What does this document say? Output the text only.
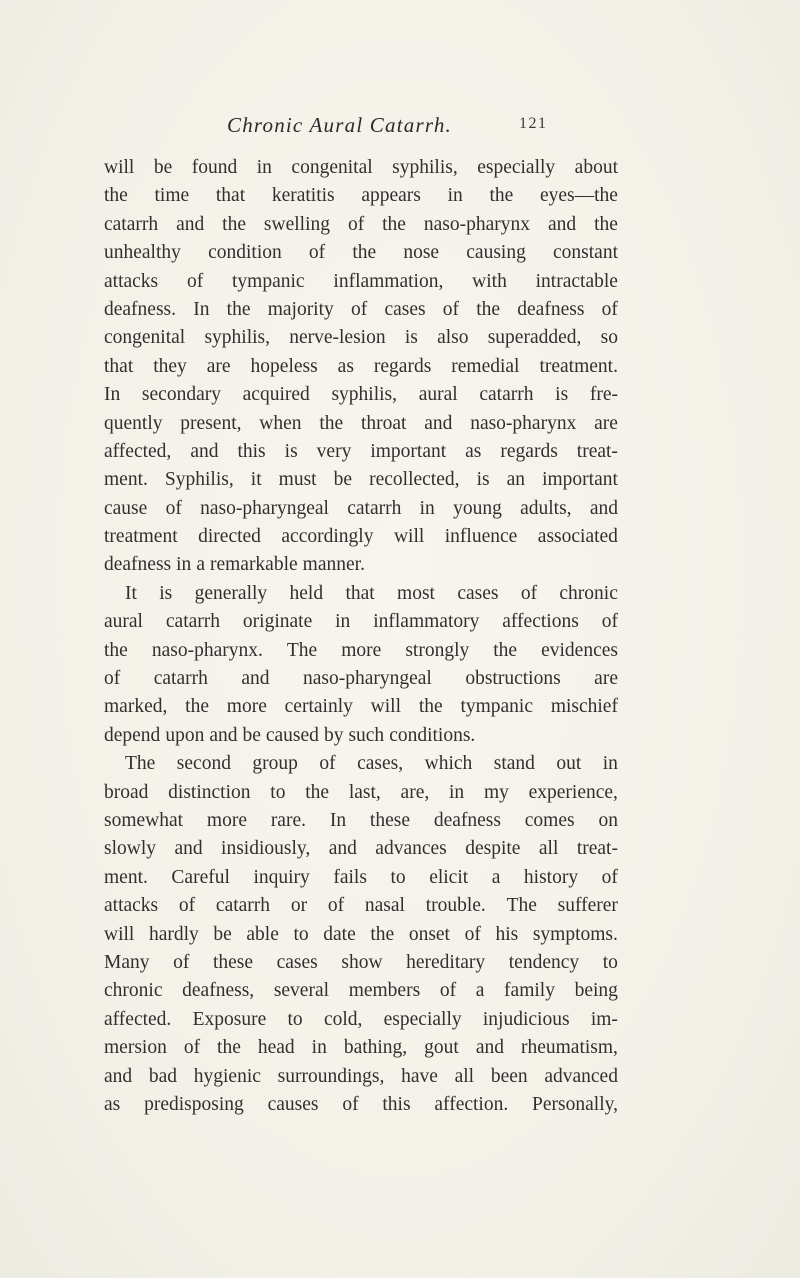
Chronic Aural Catarrh.	121
will be found in congenital syphilis, especially about
the time that keratitis appears in the eyes—the
catarrh and the swelling of the naso-pharynx and the
unhealthy condition of the nose causing constant
attacks of tympanic inflammation, with intractable
deafness. In the majority of cases of the deafness of
congenital syphilis, nerve-lesion is also superadded, so
that they are hopeless as regards remedial treatment.
In secondary acquired syphilis, aural catarrh is fre-
quently present, when the throat and naso-pharynx are
affected, and this is very important as regards treat-
ment. Syphilis, it must be recollected, is an important
cause of naso-pharyngeal catarrh in young adults, and
treatment directed accordingly will influence associated
deafness in a remarkable manner.
It is generally held that most cases of chronic
aural catarrh originate in inflammatory affections of
the naso-pharynx. The more strongly the evidences
of catarrh and naso-pharyngeal obstructions are
marked, the more certainly will the tympanic mischief
depend upon and be caused by such conditions.
The second group of cases, which stand out in
broad distinction to the last, are, in my experience,
somewhat more rare. In these deafness comes on
slowly and insidiously, and advances despite all treat-
ment. Careful inquiry fails to elicit a history of
attacks of catarrh or of nasal trouble. The sufferer
will hardly be able to date the onset of his symptoms.
Many of these cases show hereditary tendency to
chronic deafness, several members of a family being
affected. Exposure to cold, especially injudicious im-
mersion of the head in bathing, gout and rheumatism,
and bad hygienic surroundings, have all been advanced
as predisposing causes of this affection. Personally,
